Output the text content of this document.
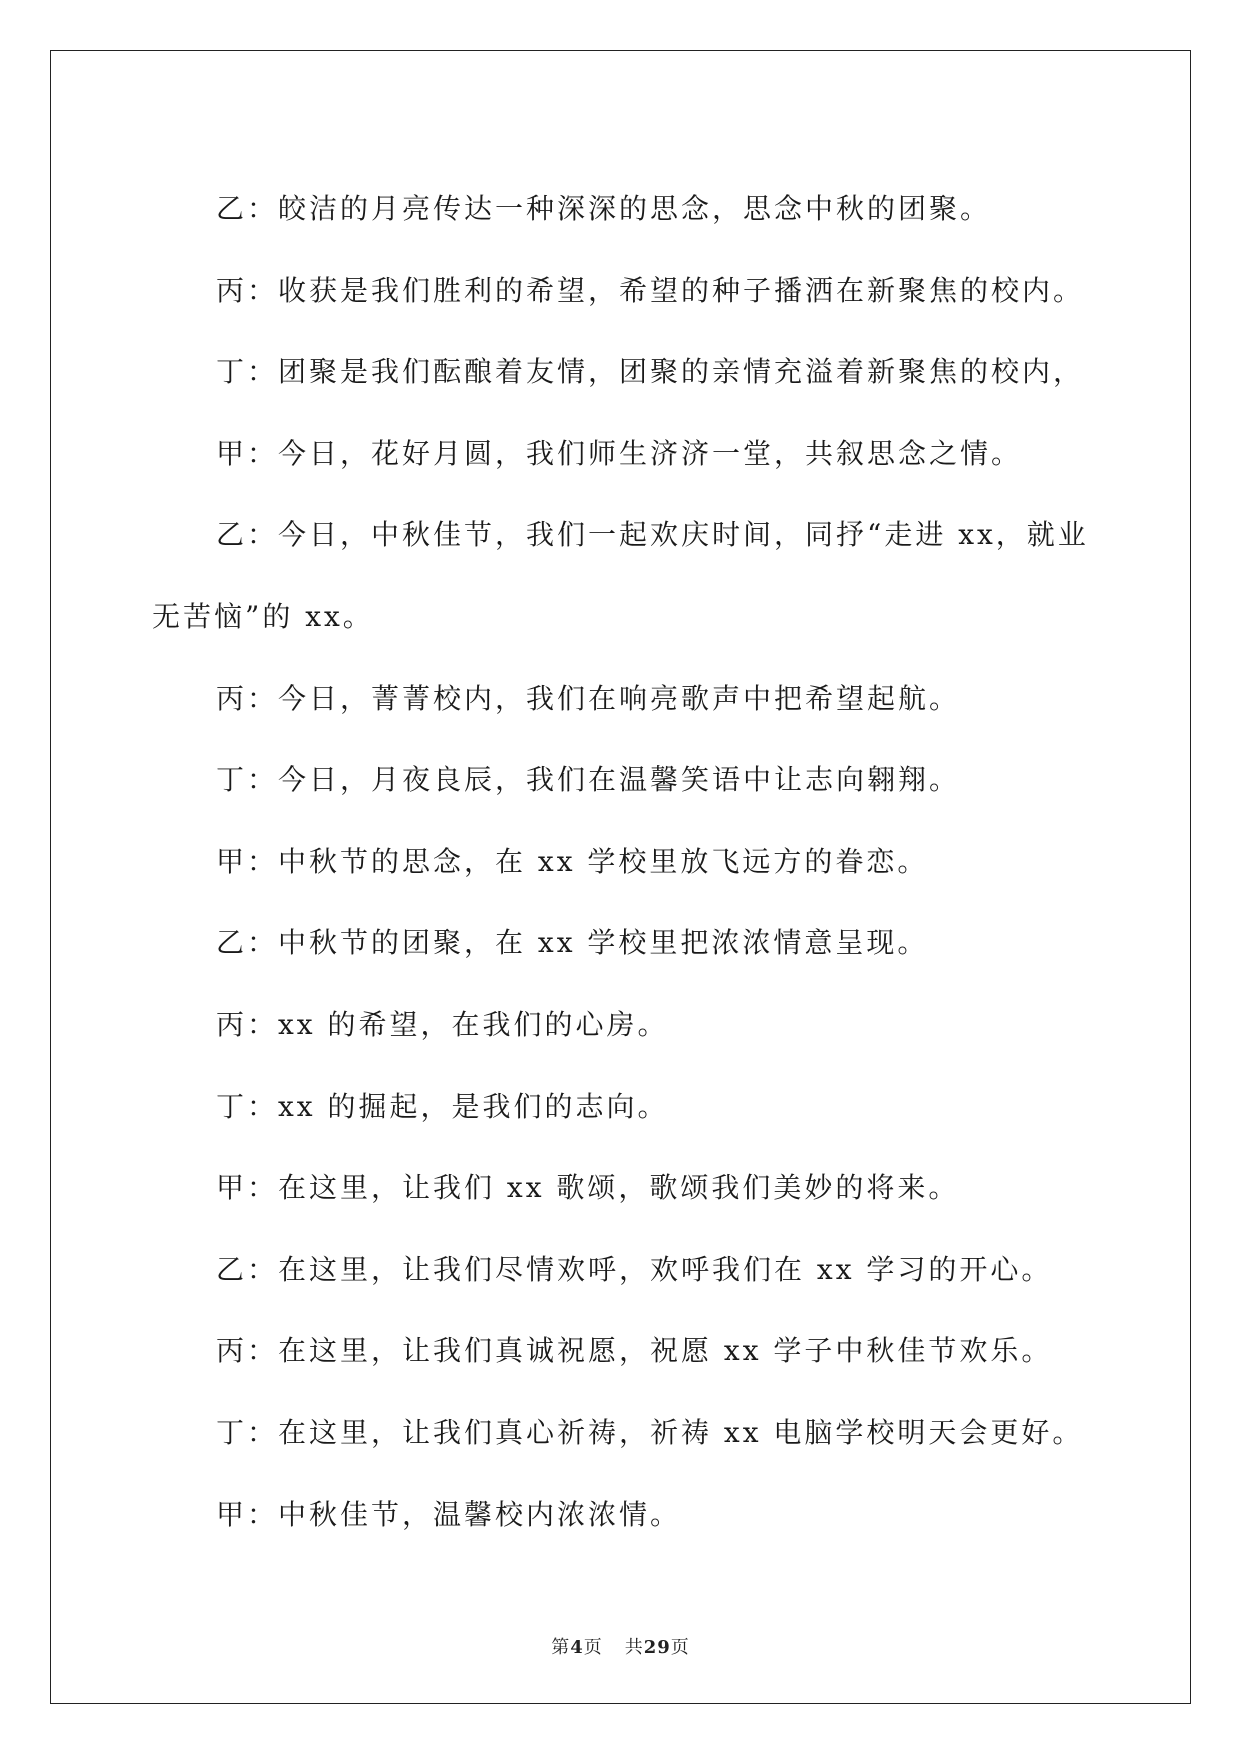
乙：皎洁的月亮传达一种深深的思念，思念中秋的团聚。

丙：收获是我们胜利的希望，希望的种子播洒在新聚焦的校内。

丁：团聚是我们酝酿着友情，团聚的亲情充溢着新聚焦的校内，

甲：今日，花好月圆，我们师生济济一堂，共叙思念之情。

乙：今日，中秋佳节，我们一起欢庆时间，同抒“走进 xx，就业无苦恼”的 xx。

丙：今日，菁菁校内，我们在响亮歌声中把希望起航。

丁：今日，月夜良辰，我们在温馨笑语中让志向翱翔。

甲：中秋节的思念，在 xx 学校里放飞远方的眷恋。

乙：中秋节的团聚，在 xx 学校里把浓浓情意呈现。

丙：xx 的希望，在我们的心房。

丁：xx 的掘起，是我们的志向。

甲：在这里，让我们 xx 歌颂，歌颂我们美妙的将来。

乙：在这里，让我们尽情欢呼，欢呼我们在 xx 学习的开心。

丙：在这里，让我们真诚祝愿，祝愿 xx 学子中秋佳节欢乐。

丁：在这里，让我们真心祈祷，祈祷 xx 电脑学校明天会更好。

甲：中秋佳节，温馨校内浓浓情。

第4页 共29页
